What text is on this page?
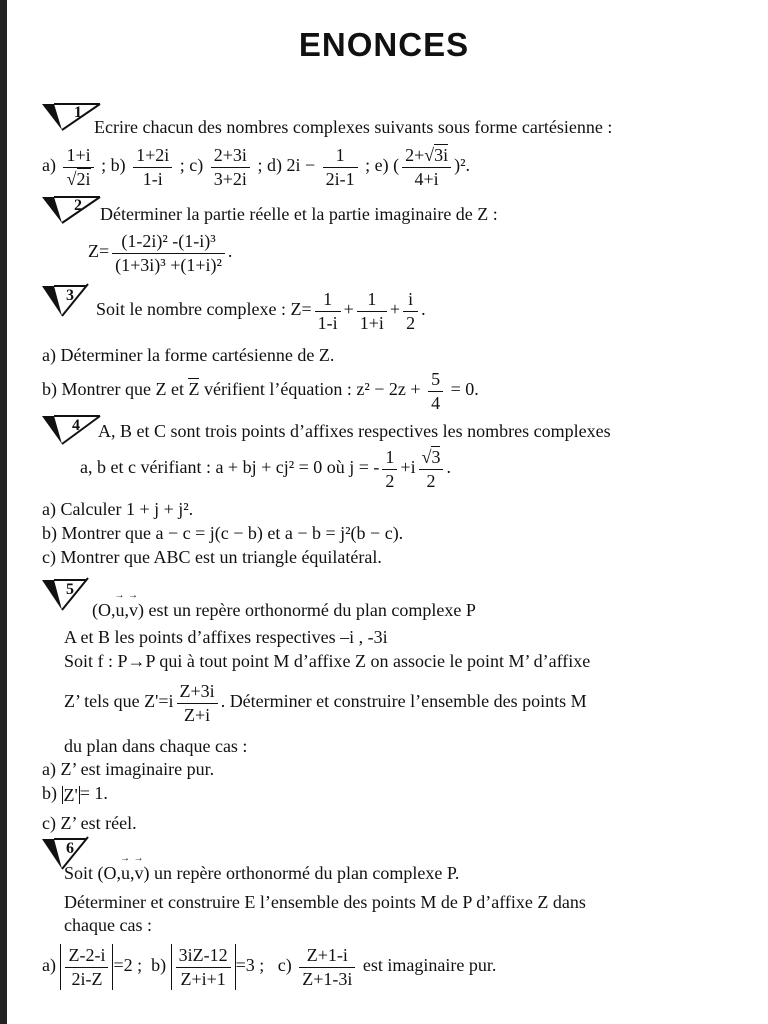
ENONCES
1
Ecrire chacun des nombres complexes suivants sous forme cartésienne :
$a) \frac{1+i}{√2i}$ ; $b) \frac{1+2i}{1-i}$ ; $c) \frac{2+3i}{3+2i}$ ; d) $2i - \frac{1}{2i-1}$ ; e) ( $\frac{2+√3i}{4+i} )^2$.
2 Déterminer la partie réelle et la partie imaginaire de Z :
$Z= \frac{\text{(1-2i)² -(1-i)³}}{\text{(1+3i)³ +(1+i)²}}$ .
3
Soit le nombre complexe : $Z= \frac{1}{1-i} + \frac{1}{1+i} + \frac{i}{2}$ .
a) Déterminer la forme cartésienne de Z.
b) Montrer que Z et Z vérifient l’équation : $z^2 - 2z + \frac{5}{4} = 0$.
4 A, B et C sont trois points d’affixes respectives les nombres complexes
a, b et c vérifiant : a + bj + cj² = 0 où j = - $\frac{1}{2} +i \frac{√3}{2}$ .
a) Calculer 1 + j + j².
b) Montrer que a − c = j(c − b) et a − b = j²(b − c).
c) Montrer que ABC est un triangle équilatéral.
5
(O,→ u,→ v) est un repère orthonormé du plan complexe P
A et B les points d’affixes respectives –i , -3i
Soit f : P→P qui à tout point M d’affixe Z on associe le point M’ d’affixe
Z’ tels que $Z'=i \frac{Z+3i}{Z+i}$ . Déterminer et construire l’ensemble des points M
du plan dans chaque cas :
a) Z’ est imaginaire pur.
b) Z' = 1.
c) Z’ est réel.
6
Soit (O,→ u,→ v) un repère orthonormé du plan complexe P.
Déterminer et construire E l’ensemble des points M de P d’affixe Z dans
chaque cas :
$a) \frac{Z-2-i}{2i-Z} =2$ ; $b) \frac{3iZ-12}{Z+i+1} =3$ ; $c) \frac{Z+1-i}{Z+1-3i}$ est imaginaire pur.
